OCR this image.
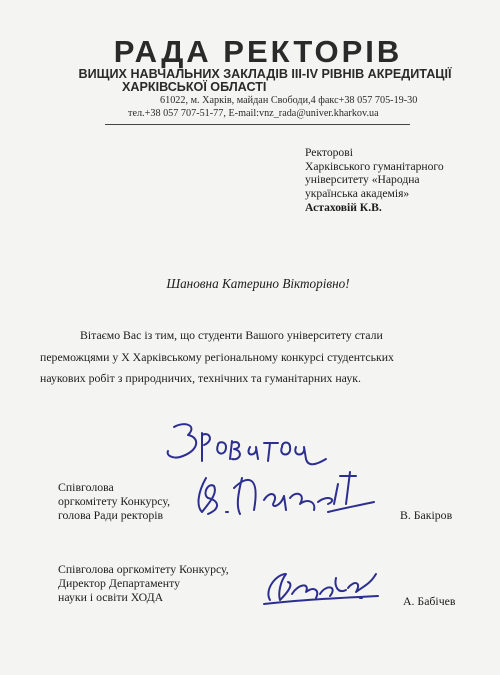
РАДА РЕКТОРІВ
ВИЩИХ НАВЧАЛЬНИХ ЗАКЛАДІВ ІІІ-ІV РІВНІВ АКРЕДИТАЦІЇ
ХАРКІВСЬКОЇ ОБЛАСТІ
61022, м. Харків, майдан Свободи,4 факс+38 057 705-19-30
тел.+38 057 707-51-77, E-mail:vnz_rada@univer.kharkov.ua
Ректорові
Харківського гуманітарного
університету «Народна
українська академія»
Астаховій К.В.
Шановна Катерино Вікторівно!
Вітаємо Вас із тим, що студенти Вашого університету стали
переможцями у Х Харківському регіональному конкурсі студентських
наукових робіт з природничих, технічних та гуманітарних наук.
Співголова
оргкомітету Конкурсу,
голова Ради ректорів	В. Бакіров
Співголова оргкомітету Конкурсу,
Директор Департаменту
науки і освіти ХОДА	А. Бабічев
